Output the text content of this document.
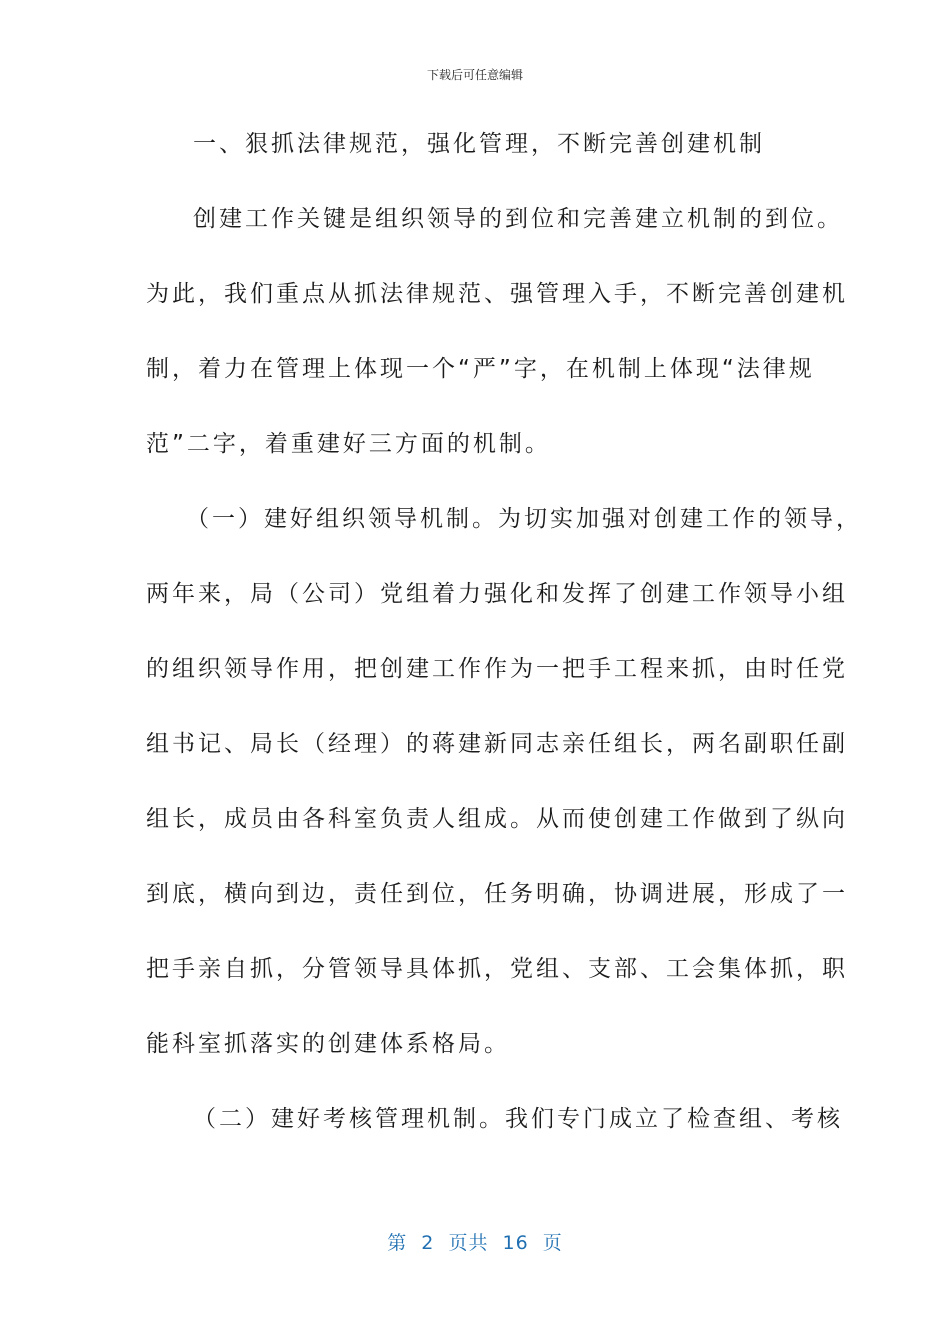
下载后可任意编辑
一、狠抓法律规范，强化管理，不断完善创建机制
创建工作关键是组织领导的到位和完善建立机制的到位。
为此，我们重点从抓法律规范、强管理入手，不断完善创建机
制，着力在管理上体现一个“严”字，在机制上体现“法律规
范”二字，着重建好三方面的机制。
（一）建好组织领导机制。为切实加强对创建工作的领导，
两年来，局（公司）党组着力强化和发挥了创建工作领导小组
的组织领导作用，把创建工作作为一把手工程来抓，由时任党
组书记、局长（经理）的蒋建新同志亲任组长，两名副职任副
组长，成员由各科室负责人组成。从而使创建工作做到了纵向
到底，横向到边，责任到位，任务明确，协调进展，形成了一
把手亲自抓，分管领导具体抓，党组、支部、工会集体抓，职
能科室抓落实的创建体系格局。
（二）建好考核管理机制。我们专门成立了检查组、考核
第  2  页共  16  页
